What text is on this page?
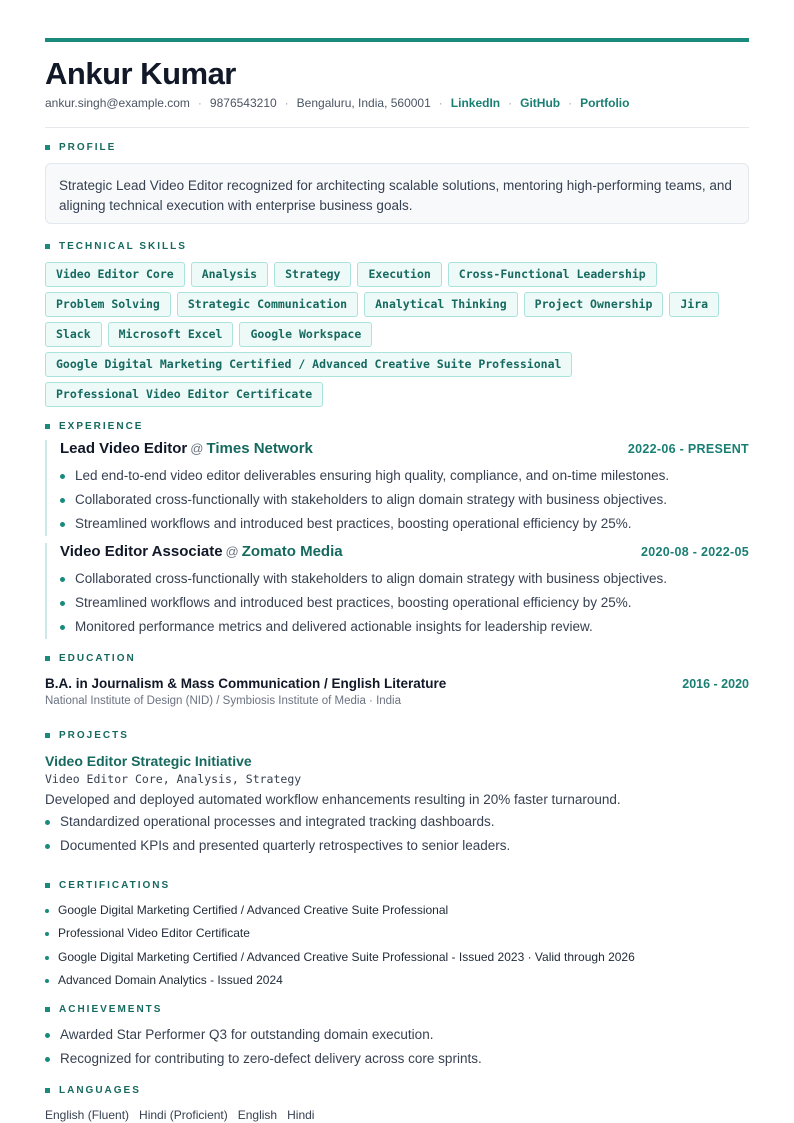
Ankur Kumar
ankur.singh@example.com · 9876543210 · Bengaluru, India, 560001 · LinkedIn · GitHub · Portfolio
PROFILE
Strategic Lead Video Editor recognized for architecting scalable solutions, mentoring high-performing teams, and aligning technical execution with enterprise business goals.
TECHNICAL SKILLS
Video Editor Core	Analysis	Strategy	Execution	Cross-Functional Leadership
Problem Solving	Strategic Communication	Analytical Thinking	Project Ownership	Jira
Slack	Microsoft Excel	Google Workspace
Google Digital Marketing Certified / Advanced Creative Suite Professional
Professional Video Editor Certificate
EXPERIENCE
Lead Video Editor @ Times Network	2022-06 - PRESENT
Led end-to-end video editor deliverables ensuring high quality, compliance, and on-time milestones.
Collaborated cross-functionally with stakeholders to align domain strategy with business objectives.
Streamlined workflows and introduced best practices, boosting operational efficiency by 25%.
Video Editor Associate @ Zomato Media	2020-08 - 2022-05
Collaborated cross-functionally with stakeholders to align domain strategy with business objectives.
Streamlined workflows and introduced best practices, boosting operational efficiency by 25%.
Monitored performance metrics and delivered actionable insights for leadership review.
EDUCATION
B.A. in Journalism & Mass Communication / English Literature	2016 - 2020
National Institute of Design (NID) / Symbiosis Institute of Media · India
PROJECTS
Video Editor Strategic Initiative
Video Editor Core, Analysis, Strategy
Developed and deployed automated workflow enhancements resulting in 20% faster turnaround.
Standardized operational processes and integrated tracking dashboards.
Documented KPIs and presented quarterly retrospectives to senior leaders.
CERTIFICATIONS
Google Digital Marketing Certified / Advanced Creative Suite Professional
Professional Video Editor Certificate
Google Digital Marketing Certified / Advanced Creative Suite Professional - Issued 2023 · Valid through 2026
Advanced Domain Analytics - Issued 2024
ACHIEVEMENTS
Awarded Star Performer Q3 for outstanding domain execution.
Recognized for contributing to zero-defect delivery across core sprints.
LANGUAGES
English (Fluent) Hindi (Proficient) English Hindi
